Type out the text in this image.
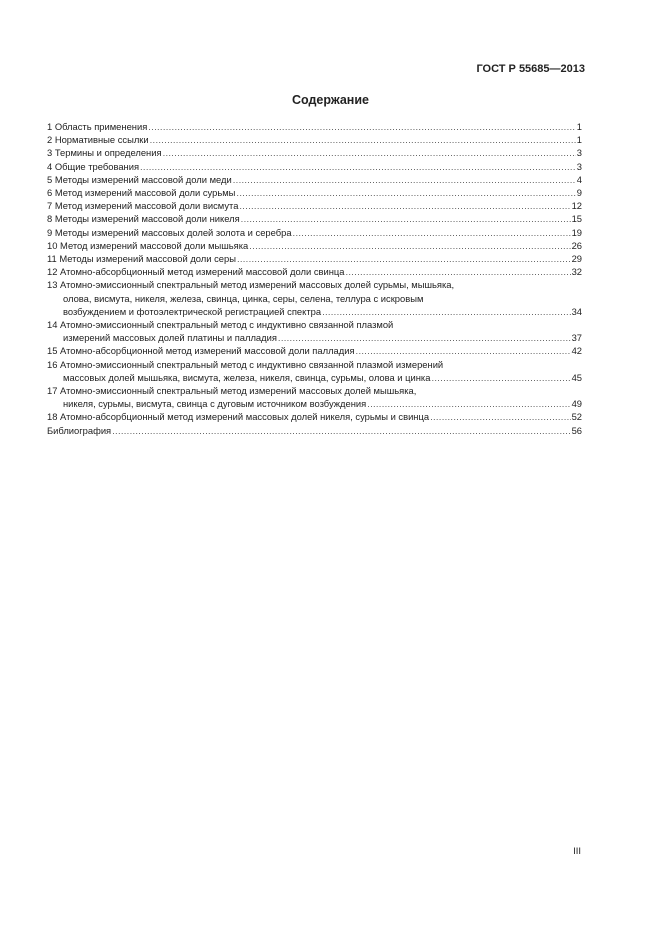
ГОСТ Р 55685—2013
Содержание
1 Область применения .....	1
2 Нормативные ссылки .....	1
3 Термины и определения .....	3
4 Общие требования .....	3
5 Методы измерений массовой доли меди .....	4
6 Метод измерений массовой доли сурьмы .....	9
7 Метод измерений массовой доли висмута .....	12
8 Методы измерений массовой доли никеля .....	15
9 Методы измерений массовых долей золота и серебра .....	19
10 Метод измерений массовой доли мышьяка .....	26
11 Методы измерений массовой доли серы .....	29
12 Атомно-абсорбционный метод измерений массовой доли свинца .....	32
13 Атомно-эмиссионный спектральный метод измерений массовых долей сурьмы, мышьяка,
олова, висмута, никеля, железа, свинца, цинка, серы, селена, теллура с искровым
возбуждением и фотоэлектрической регистрацией спектра .....	34
14 Атомно-эмиссионный спектральный метод с индуктивно связанной плазмой
измерений массовых долей платины и палладия .....	37
15 Атомно-абсорбционной метод измерений массовой доли палладия .....	42
16 Атомно-эмиссионный спектральный метод с индуктивно связанной плазмой измерений
массовых долей мышьяка, висмута, железа, никеля, свинца, сурьмы, олова и цинка .....	45
17 Атомно-эмиссионный спектральный метод измерений массовых долей мышьяка,
никеля, сурьмы, висмута, свинца с дуговым источником возбуждения .....	49
18 Атомно-абсорбционный метод измерений массовых долей никеля, сурьмы и свинца .....	52
Библиография .....	56
III
